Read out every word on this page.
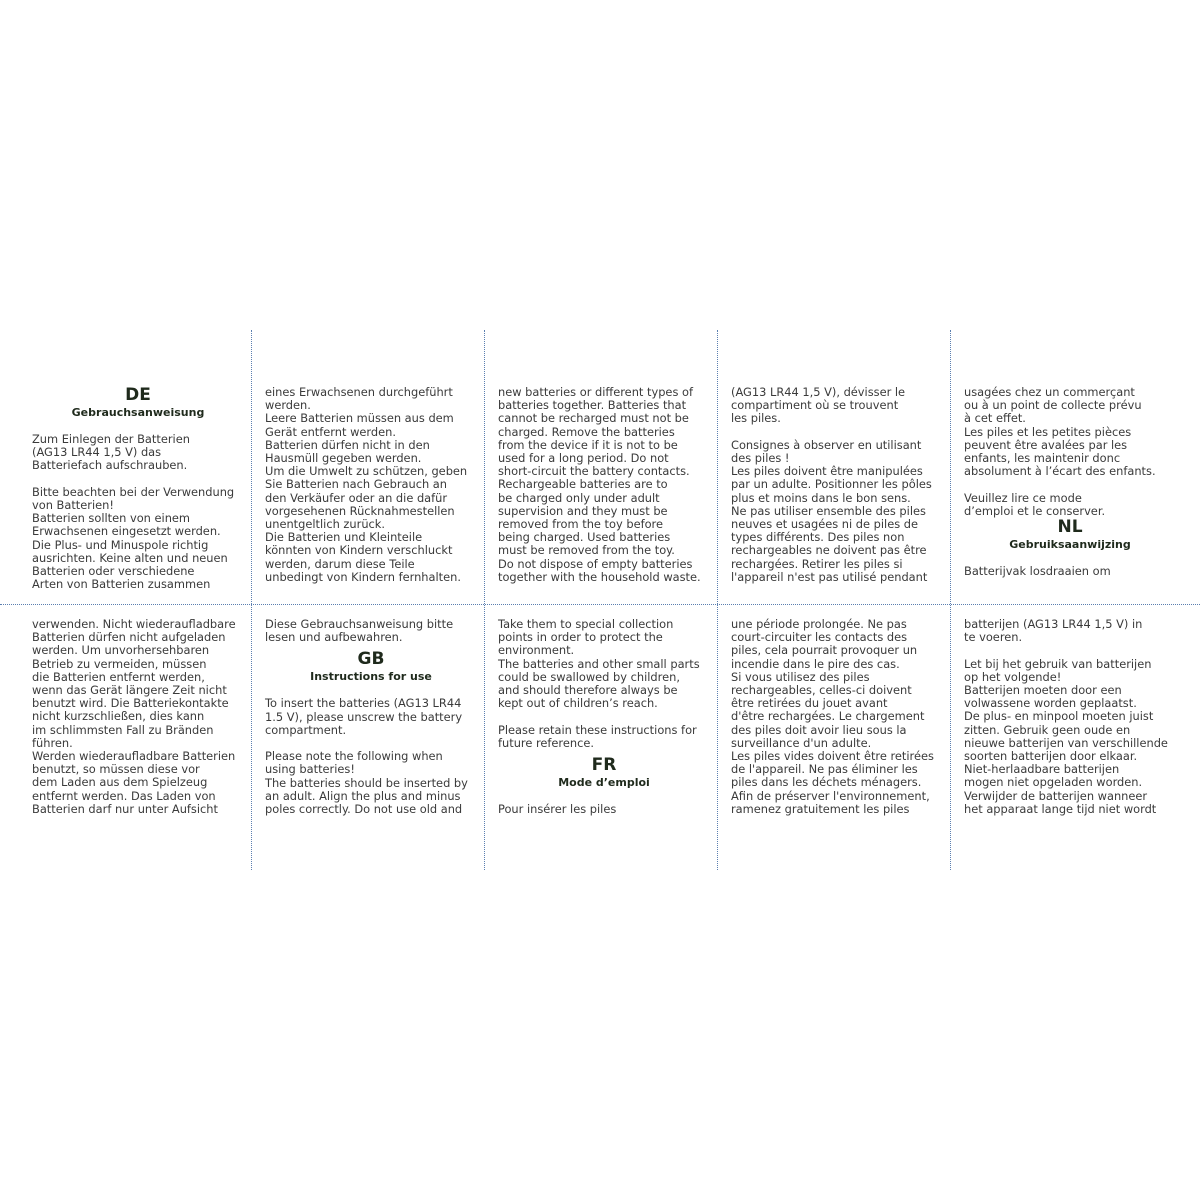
DE
Gebrauchsanweisung

Zum Einlegen der Batterien
(AG13 LR44 1,5 V) das
Batteriefach aufschrauben.

Bitte beachten bei der Verwendung
von Batterien!
Batterien sollten von einem
Erwachsenen eingesetzt werden.
Die Plus- und Minuspole richtig
ausrichten. Keine alten und neuen
Batterien oder verschiedene
Arten von Batterien zusammen

eines Erwachsenen durchgeführt
werden.
Leere Batterien müssen aus dem
Gerät entfernt werden.
Batterien dürfen nicht in den
Hausmüll gegeben werden.
Um die Umwelt zu schützen, geben
Sie Batterien nach Gebrauch an
den Verkäufer oder an die dafür
vorgesehenen Rücknahmestellen
unentgeltlich zurück.
Die Batterien und Kleinteile
könnten von Kindern verschluckt
werden, darum diese Teile
unbedingt von Kindern fernhalten.

new batteries or different types of
batteries together. Batteries that
cannot be recharged must not be
charged. Remove the batteries
from the device if it is not to be
used for a long period. Do not
short-circuit the battery contacts.
Rechargeable batteries are to
be charged only under adult
supervision and they must be
removed from the toy before
being charged. Used batteries
must be removed from the toy.
Do not dispose of empty batteries
together with the household waste.

(AG13 LR44 1,5 V), dévisser le
compartiment où se trouvent
les piles.

Consignes à observer en utilisant
des piles !
Les piles doivent être manipulées
par un adulte. Positionner les pôles
plus et moins dans le bon sens.
Ne pas utiliser ensemble des piles
neuves et usagées ni de piles de
types différents. Des piles non
rechargeables ne doivent pas être
rechargées. Retirer les piles si
l'appareil n'est pas utilisé pendant

usagées chez un commerçant
ou à un point de collecte prévu
à cet effet.
Les piles et les petites pièces
peuvent être avalées par les
enfants, les maintenir donc
absolument à l’écart des enfants.

Veuillez lire ce mode
d’emploi et le conserver.

NL
Gebruiksaanwijzing

Batterijvak losdraaien om

verwenden. Nicht wiederaufladbare
Batterien dürfen nicht aufgeladen
werden. Um unvorhersehbaren
Betrieb zu vermeiden, müssen
die Batterien entfernt werden,
wenn das Gerät längere Zeit nicht
benutzt wird. Die Batteriekontakte
nicht kurzschließen, dies kann
im schlimmsten Fall zu Bränden
führen.
Werden wiederaufladbare Batterien
benutzt, so müssen diese vor
dem Laden aus dem Spielzeug
entfernt werden. Das Laden von
Batterien darf nur unter Aufsicht

Diese Gebrauchsanweisung bitte
lesen und aufbewahren.

GB
Instructions for use

To insert the batteries (AG13 LR44
1.5 V), please unscrew the battery
compartment.

Please note the following when
using batteries!
The batteries should be inserted by
an adult. Align the plus and minus
poles correctly. Do not use old and

Take them to special collection
points in order to protect the
environment.
The batteries and other small parts
could be swallowed by children,
and should therefore always be
kept out of children’s reach.

Please retain these instructions for
future reference.

FR
Mode d’emploi

Pour insérer les piles

une période prolongée. Ne pas
court-circuiter les contacts des
piles, cela pourrait provoquer un
incendie dans le pire des cas.
Si vous utilisez des piles
rechargeables, celles-ci doivent
être retirées du jouet avant
d'être rechargées. Le chargement
des piles doit avoir lieu sous la
surveillance d'un adulte.
Les piles vides doivent être retirées
de l'appareil. Ne pas éliminer les
piles dans les déchets ménagers.
Afin de préserver l'environnement,
ramenez gratuitement les piles

batterijen (AG13 LR44 1,5 V) in
te voeren.

Let bij het gebruik van batterijen
op het volgende!
Batterijen moeten door een
volwassene worden geplaatst.
De plus- en minpool moeten juist
zitten. Gebruik geen oude en
nieuwe batterijen van verschillende
soorten batterijen door elkaar.
Niet-herlaadbare batterijen
mogen niet opgeladen worden.
Verwijder de batterijen wanneer
het apparaat lange tijd niet wordt
